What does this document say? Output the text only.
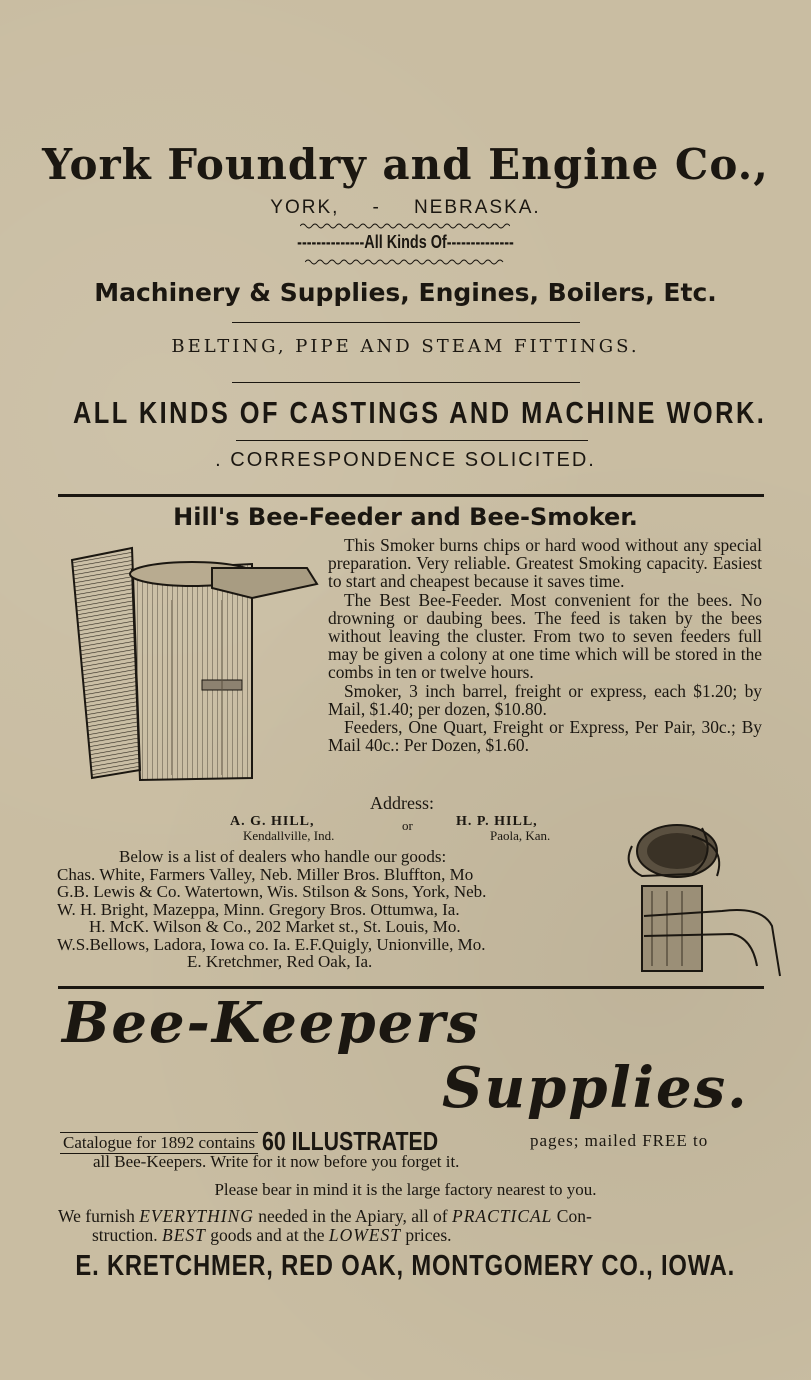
York Foundry and Engine Co.,
YORK, - NEBRASKA.
--------------All Kinds Of--------------
Machinery & Supplies, Engines, Boilers, Etc.
BELTING, PIPE AND STEAM FITTINGS.
ALL KINDS OF CASTINGS AND MACHINE WORK.
. CORRESPONDENCE SOLICITED.
Hill's Bee-Feeder and Bee-Smoker.

This Smoker burns chips or hard wood without any special preparation. Very reliable. Greatest Smoking capacity. Easiest to start and cheapest because it saves time.

The Best Bee-Feeder. Most convenient for the bees. No drowning or daubing bees. The feed is taken by the bees without leaving the cluster. From two to seven feeders full may be given a colony at one time which will be stored in the combs in ten or twelve hours.

Smoker, 3 inch barrel, freight or express, each $1.20; by Mail, $1.40; per dozen, $10.80.

Feeders, One Quart, Freight or Express, Per Pair, 30c.; By Mail 40c.: Per Dozen, $1.60.

Address:
A. G. HILL,
Kendallville, Ind.
or	H. P. HILL,
Paola, Kan.
Below is a list of dealers who handle our goods:
Chas. White, Farmers Valley, Neb. Miller Bros. Bluffton, Mo
G.B. Lewis & Co. Watertown, Wis. Stilson & Sons, York, Neb.
W. H. Bright, Mazeppa, Minn. Gregory Bros. Ottumwa, Ia.
H. McK. Wilson & Co., 202 Market st., St. Louis, Mo.
W.S.Bellows, Ladora, Iowa co. Ia. E.F.Quigly, Unionville, Mo.
E. Kretchmer, Red Oak, Ia.
Bee-Keepers
Supplies.
Catalogue for 1892 contains 60 ILLUSTRATED	pages; mailed FREE to
all Bee-Keepers. Write for it now before you forget it.
Please bear in mind it is the large factory nearest to you.
We furnish EVERYTHING needed in the Apiary, all of PRACTICAL Con-
struction. BEST goods and at the LOWEST prices.
E. KRETCHMER, RED OAK, MONTGOMERY CO., IOWA.
